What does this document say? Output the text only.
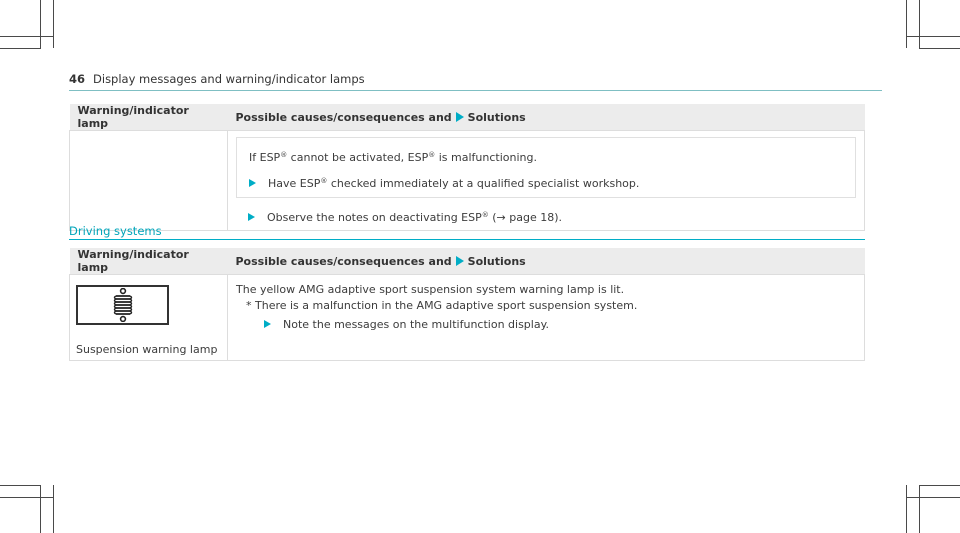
46 Display messages and warning/indicator lamps
Warning/indicator lamp	Possible causes/consequences and Solutions

	If ESP® cannot be activated, ESP® is malfunctioning.

Have ESP® checked immediately at a qualified specialist workshop.

Observe the notes on deactivating ESP® (→ page 18).

Driving systems
Warning/indicator lamp	Possible causes/consequences and Solutions

Suspension warning lamp	The yellow AMG adaptive sport suspension system warning lamp is lit.

* There is a malfunction in the AMG adaptive sport suspension system.

Note the messages on the multifunction display.
